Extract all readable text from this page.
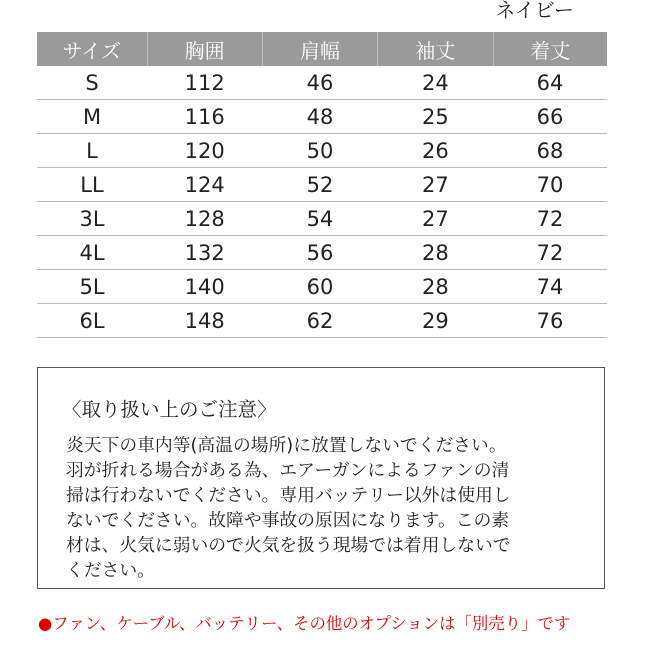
ネイビー
サイズ	胸囲	肩幅	袖丈	着丈
S	112	46	24	64
M	116	48	25	66
L	120	50	26	68
LL	124	52	27	70
3L	128	54	27	72
4L	132	56	28	72
5L	140	60	28	74
6L	148	62	29	76
〈取り扱い上のご注意〉
炎天下の車内等(高温の場所)に放置しないでください。
羽が折れる場合がある為、エアーガンによるファンの清
掃は行わないでください。専用バッテリー以外は使用し
ないでください。故障や事故の原因になります。この素
材は、火気に弱いので火気を扱う現場では着用しないで
ください。
●ファン、ケーブル、バッテリー、その他のオプションは「別売り」です
